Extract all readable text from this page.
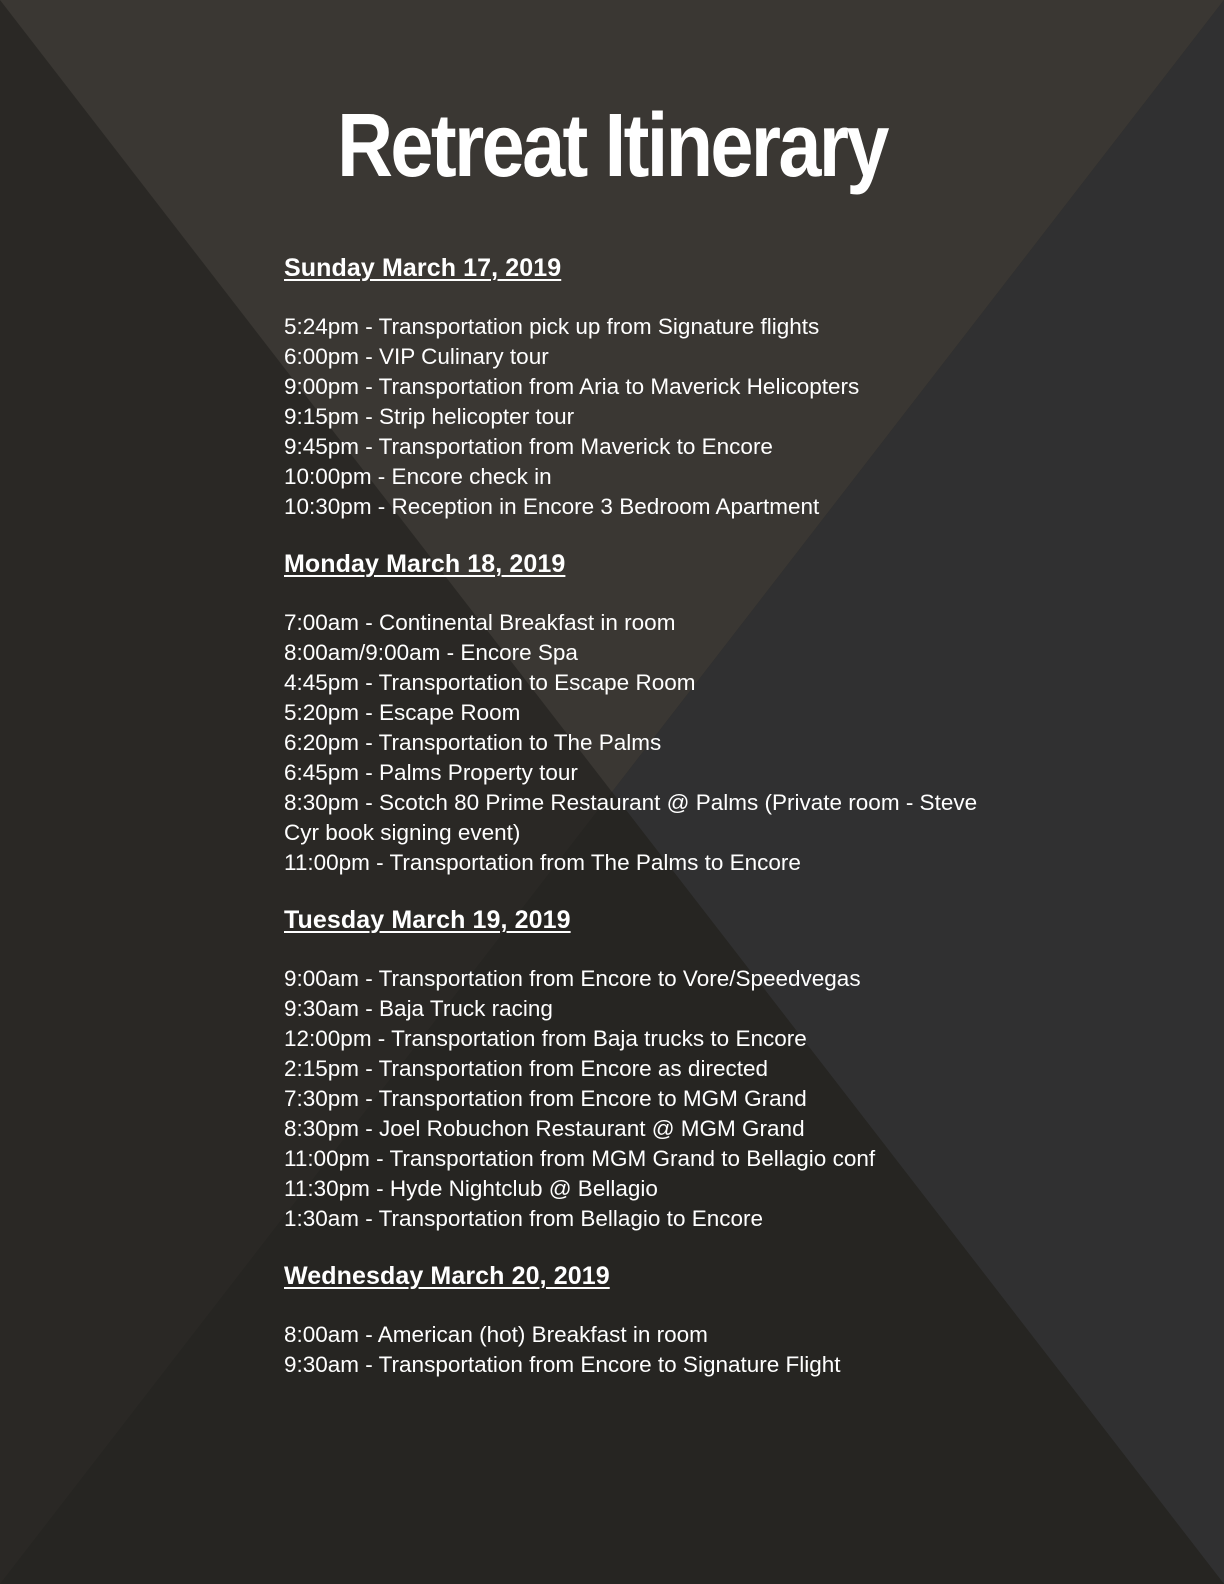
Retreat Itinerary
Sunday March 17, 2019
5:24pm - Transportation pick up from Signature flights
6:00pm - VIP Culinary tour
9:00pm - Transportation from Aria to Maverick Helicopters
9:15pm - Strip helicopter tour
9:45pm - Transportation from Maverick to Encore
10:00pm - Encore check in
10:30pm - Reception in Encore 3 Bedroom Apartment
Monday March 18, 2019
7:00am - Continental Breakfast in room
8:00am/9:00am - Encore Spa
4:45pm - Transportation to Escape Room
5:20pm - Escape Room
6:20pm - Transportation to The Palms
6:45pm - Palms Property tour
8:30pm - Scotch 80 Prime Restaurant @ Palms (Private room - Steve Cyr book signing event)
11:00pm - Transportation from The Palms to Encore
Tuesday March 19, 2019
9:00am - Transportation from Encore to Vore/Speedvegas
9:30am - Baja Truck racing
12:00pm - Transportation from Baja trucks to Encore
2:15pm - Transportation from Encore as directed
7:30pm - Transportation from Encore to MGM Grand
8:30pm - Joel Robuchon Restaurant @ MGM Grand
11:00pm - Transportation from MGM Grand to Bellagio conf
11:30pm - Hyde Nightclub @ Bellagio
1:30am - Transportation from Bellagio to Encore
Wednesday March 20, 2019
8:00am - American (hot) Breakfast in room
9:30am - Transportation from Encore to Signature Flight
